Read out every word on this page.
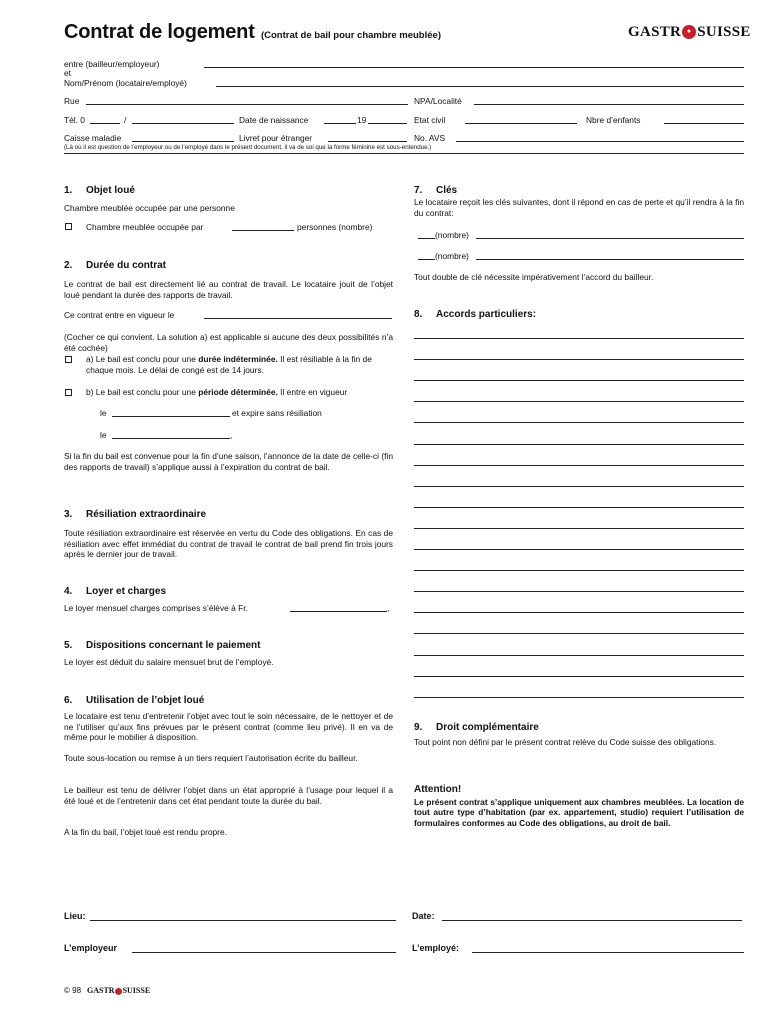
Contrat de logement (Contrat de bail pour chambre meublée)	GASTR ● SUISSE
entre (bailleur/employeur)
et
Nom/Prénom (locataire/employé)
Rue	NPA/Localité
Tél. 0	/	Date de naissance	19	Etat civil	Nbre d’enfants
Caisse maladie	Livret pour étranger	No. AVS
(Là où il est question de l’employeur ou de l’employé dans le présent document, il va de soi que la forme féminine est sous-entendue.)
1. Objet loué
Chambre meublée occupée par une personne
Chambre meublée occupée par	personnes (nombre)
2. Durée du contrat
Le contrat de bail est directement lié au contrat de travail. Le locataire jouit de l’objet loué pendant la durée des rapports de travail.
Ce contrat entre en vigueur le
(Cocher ce qui convient. La solution a) est applicable si aucune des deux possibilités n’a été cochée)
a) Le bail est conclu pour une durée indéterminée. Il est résiliable à la fin de chaque mois. Le délai de congé est de 14 jours.
b) Le bail est conclu pour une période déterminée. Il entre en vigueur
le	et expire sans résiliation
le	,
Si la fin du bail est convenue pour la fin d’une saison, l’annonce de la date de celle-ci (fin des rapports de travail) s’applique aussi à l’expiration du contrat de bail.
3. Résiliation extraordinaire
Toute résiliation extraordinaire est réservée en vertu du Code des obligations. En cas de résiliation avec effet immédiat du contrat de travail le contrat de bail prend fin trois jours après le dernier jour de travail.
4. Loyer et charges
Le loyer mensuel charges comprises s’élève à Fr.	,
5. Dispositions concernant le paiement
Le loyer est déduit du salaire mensuel brut de l’employé.
6. Utilisation de l’objet loué
Le locataire est tenu d’entretenir l’objet avec tout le soin nécessaire, de le nettoyer et de ne l’utiliser qu’aux fins prévues par le présent contrat (comme lieu privé). Il en va de même pour le mobilier à disposition.
Toute sous-location ou remise à un tiers requiert l’autorisation écrite du bailleur.
Le bailleur est tenu de délivrer l’objet dans un état approprié à l’usage pour lequel il a été loué et de l’entretenir dans cet état pendant toute la durée du bail.
A la fin du bail, l’objet loué est rendu propre.
7. Clés
Le locataire reçoit les clés suivantes, dont il répond en cas de perte et qu’il rendra à la fin du contrat:
(nombre)
(nombre)
Tout double de clé nécessite impérativement l’accord du bailleur.
8. Accords particuliers:
9. Droit complémentaire
Tout point non défini par le présent contrat relève du Code suisse des obligations.
Attention!
Le présent contrat s’applique uniquement aux chambres meublées. La location de tout autre type d’habitation (par ex. appartement, studio) requiert l’utilisation de formulaires conformes au Code des obligations, au droit de bail.
Lieu:	Date:
L’employeur	L’employé:
© 98 GASTR SUISSE
